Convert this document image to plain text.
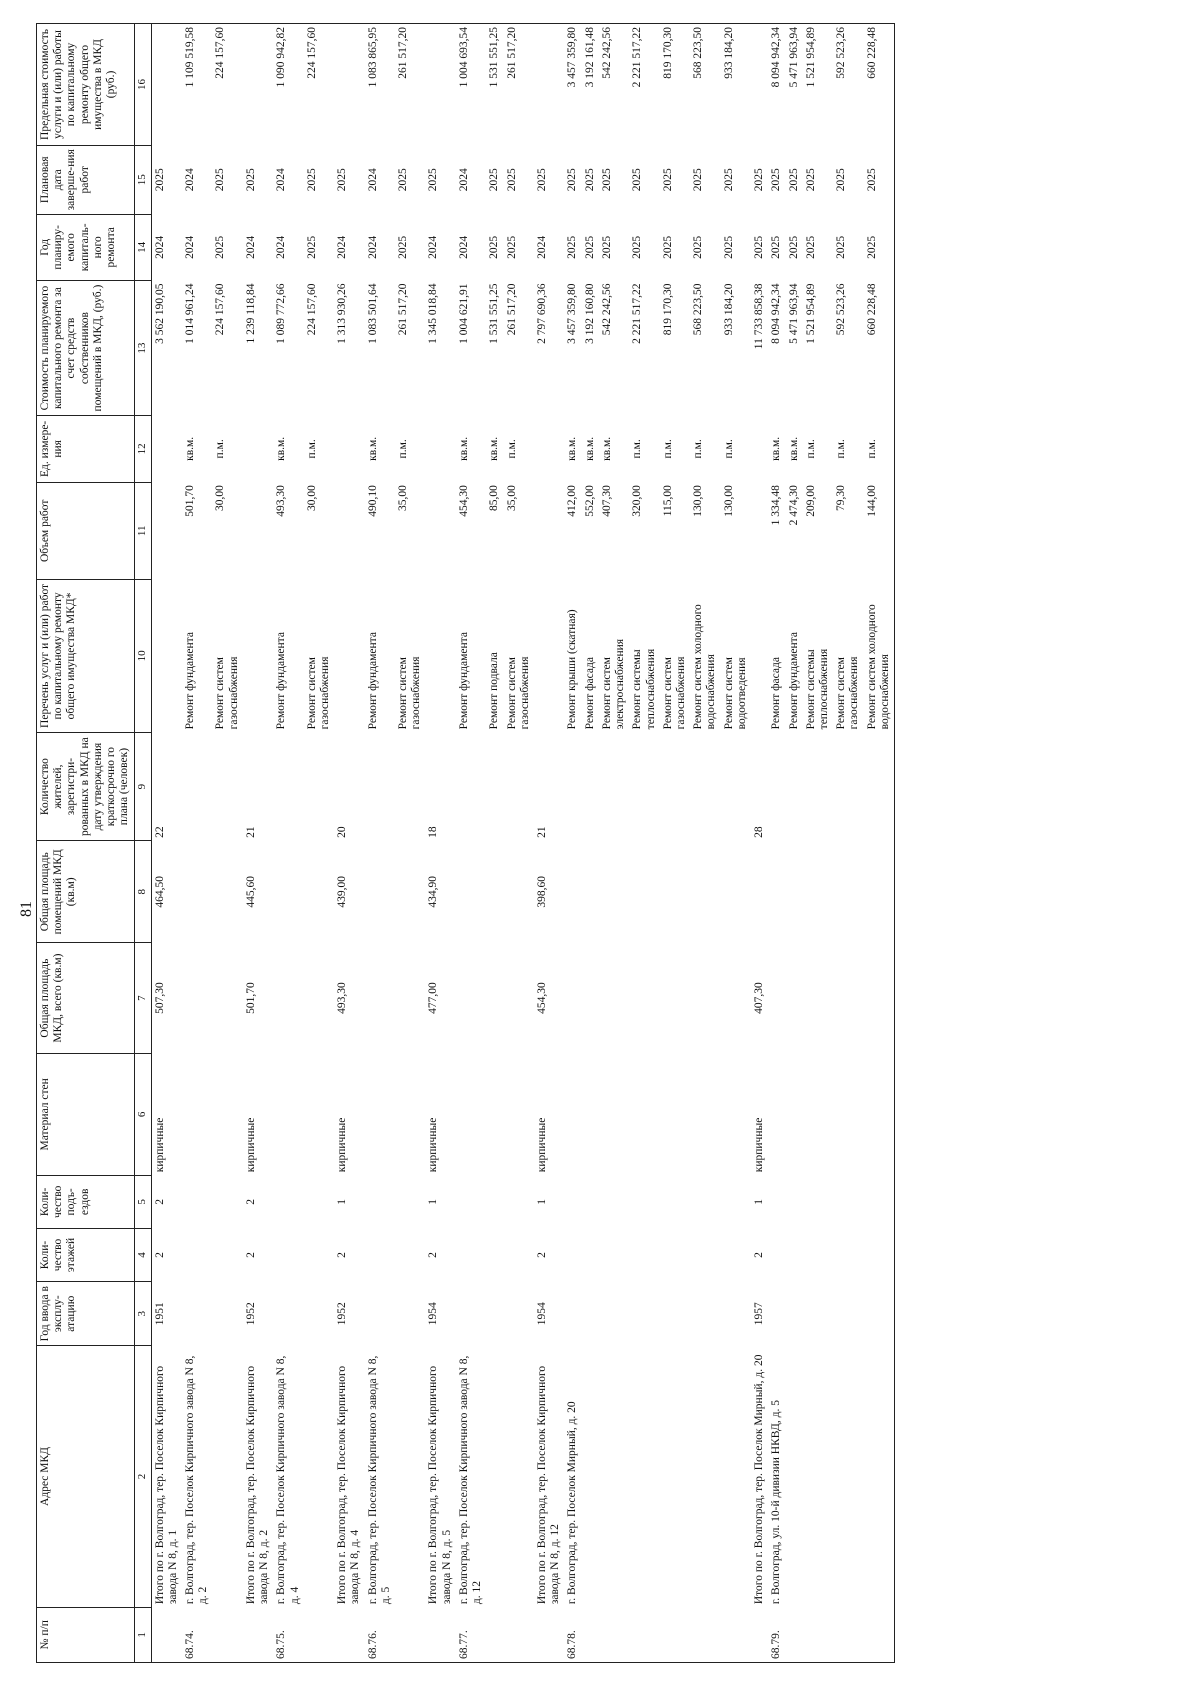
81
№ п/п	Адрес МКД	Год ввода в эксплу-атацию	Коли-чество этажей	Коли-чество подъ-ездов	Материал стен	Общая площадь МКД, всего (кв.м)	Общая площадь помещений МКД (кв.м)	Количество жителей, зарегистри-рованных в МКД на дату утверждения краткосрочно го плана (человек)	Перечень услуг и (или) работ по капитальному ремонту общего имущества МКД*	Объем работ	Ед. измере-ния	Стоимость планируемого капитального ремонта за счет средств собственников помещений в МКД, (руб.)	Год планиру-емого капиталь-ного ремонта	Плановая дата заверше-ния работ	Предельная стоимость услуги и (или) работы по капитальному ремонту общего имущества в МКД (руб.)
1	2	3	4	5	6	7	8	9	10	11	12	13	14	15	16
	Итого по г. Волгоград, тер. Поселок Кирпичного завода N 8, д. 1	1951	2	2	кирпичные	507,30	464,50	22				3 562 190,05	2024	2025	
68.74.	г. Волгоград, тер. Поселок Кирпичного завода N 8, д. 2								Ремонт фундамента	501,70	кв.м.	1 014 961,24	2024	2024	1 109 519,58
									Ремонт систем газоснабжения	30,00	п.м.	224 157,60	2025	2025	224 157,60
	Итого по г. Волгоград, тер. Поселок Кирпичного завода N 8, д. 2	1952	2	2	кирпичные	501,70	445,60	21				1 239 118,84	2024	2025	
68.75.	г. Волгоград, тер. Поселок Кирпичного завода N 8, д. 4								Ремонт фундамента	493,30	кв.м.	1 089 772,66	2024	2024	1 090 942,82
									Ремонт систем газоснабжения	30,00	п.м.	224 157,60	2025	2025	224 157,60
	Итого по г. Волгоград, тер. Поселок Кирпичного завода N 8, д. 4	1952	2	1	кирпичные	493,30	439,00	20				1 313 930,26	2024	2025	
68.76.	г. Волгоград, тер. Поселок Кирпичного завода N 8, д. 5								Ремонт фундамента	490,10	кв.м.	1 083 501,64	2024	2024	1 083 865,95
									Ремонт систем газоснабжения	35,00	п.м.	261 517,20	2025	2025	261 517,20
	Итого по г. Волгоград, тер. Поселок Кирпичного завода N 8, д. 5	1954	2	1	кирпичные	477,00	434,90	18				1 345 018,84	2024	2025	
68.77.	г. Волгоград, тер. Поселок Кирпичного завода N 8, д. 12								Ремонт фундамента	454,30	кв.м.	1 004 621,91	2024	2024	1 004 693,54
									Ремонт подвала	85,00	кв.м.	1 531 551,25	2025	2025	1 531 551,25
									Ремонт систем газоснабжения	35,00	п.м.	261 517,20	2025	2025	261 517,20
	Итого по г. Волгоград, тер. Поселок Кирпичного завода N 8, д. 12	1954	2	1	кирпичные	454,30	398,60	21				2 797 690,36	2024	2025	
68.78.	г. Волгоград, тер. Поселок Мирный, д. 20								Ремонт крыши (скатная)	412,00	кв.м.	3 457 359,80	2025	2025	3 457 359,80
									Ремонт фасада	552,00	кв.м.	3 192 160,80	2025	2025	3 192 161,48
									Ремонт систем электроснабжения	407,30	кв.м.	542 242,56	2025	2025	542 242,56
									Ремонт системы теплоснабжения	320,00	п.м.	2 221 517,22	2025	2025	2 221 517,22
									Ремонт систем газоснабжения	115,00	п.м.	819 170,30	2025	2025	819 170,30
									Ремонт систем холодного водоснабжения	130,00	п.м.	568 223,50	2025	2025	568 223,50
									Ремонт систем водоотведения	130,00	п.м.	933 184,20	2025	2025	933 184,20
	Итого по г. Волгоград, тер. Поселок Мирный, д. 20	1957	2	1	кирпичные	407,30		28				11 733 858,38	2025	2025	
68.79.	г. Волгоград, ул. 10-й дивизии НКВД, д. 5								Ремонт фасада	1 334,48	кв.м.	8 094 942,34	2025	2025	8 094 942,34
									Ремонт фундамента	2 474,30	кв.м.	5 471 963,94	2025	2025	5 471 963,94
									Ремонт системы теплоснабжения	209,00	п.м.	1 521 954,89	2025	2025	1 521 954,89
									Ремонт систем газоснабжения	79,30	п.м.	592 523,26	2025	2025	592 523,26
									Ремонт систем холодного водоснабжения	144,00	п.м.	660 228,48	2025	2025	660 228,48
